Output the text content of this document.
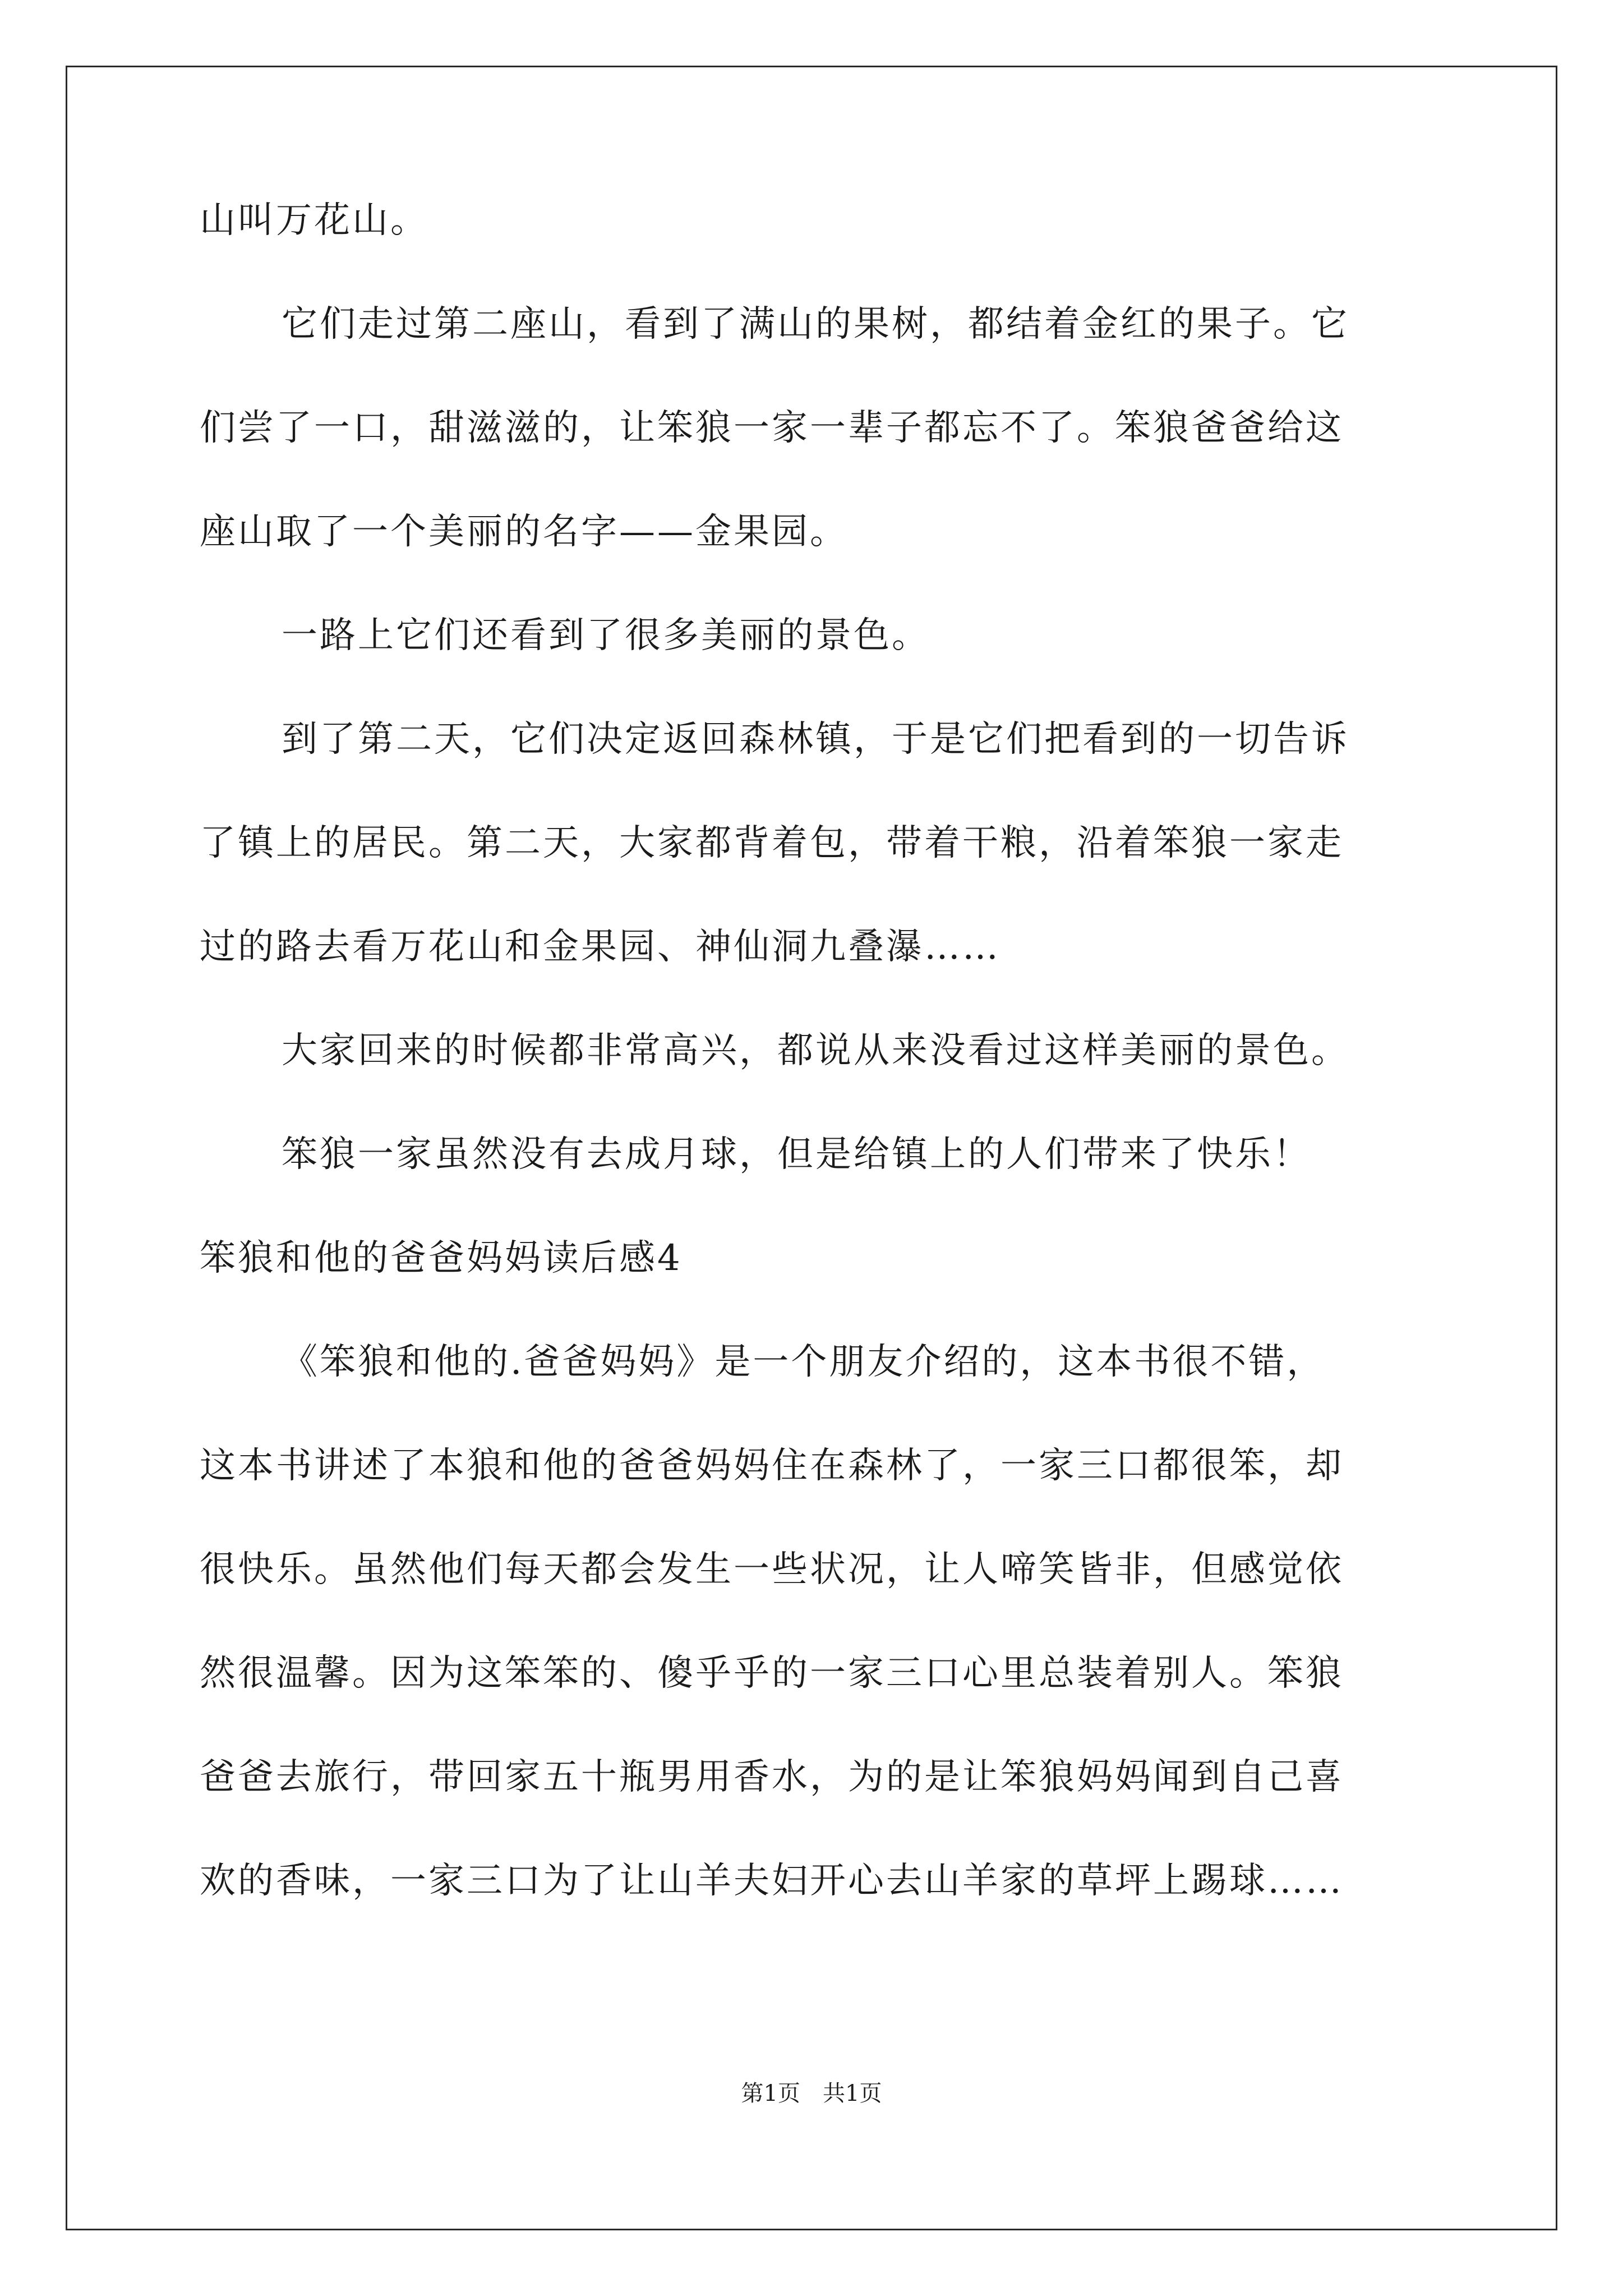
山叫万花山。
它们走过第二座山，看到了满山的果树，都结着金红的果子。它
们尝了一口，甜滋滋的，让笨狼一家一辈子都忘不了。笨狼爸爸给这
座山取了一个美丽的名字——金果园。
一路上它们还看到了很多美丽的景色。
到了第二天，它们决定返回森林镇，于是它们把看到的一切告诉
了镇上的居民。第二天，大家都背着包，带着干粮，沿着笨狼一家走
过的路去看万花山和金果园、神仙洞九叠瀑……
大家回来的时候都非常高兴，都说从来没看过这样美丽的景色。
笨狼一家虽然没有去成月球，但是给镇上的人们带来了快乐！
笨狼和他的爸爸妈妈读后感4
《笨狼和他的.爸爸妈妈》是一个朋友介绍的，这本书很不错，
这本书讲述了本狼和他的爸爸妈妈住在森林了，一家三口都很笨，却
很快乐。虽然他们每天都会发生一些状况，让人啼笑皆非，但感觉依
然很温馨。因为这笨笨的、傻乎乎的一家三口心里总装着别人。笨狼
爸爸去旅行，带回家五十瓶男用香水，为的是让笨狼妈妈闻到自己喜
欢的香味，一家三口为了让山羊夫妇开心去山羊家的草坪上踢球……
第1页　共1页
